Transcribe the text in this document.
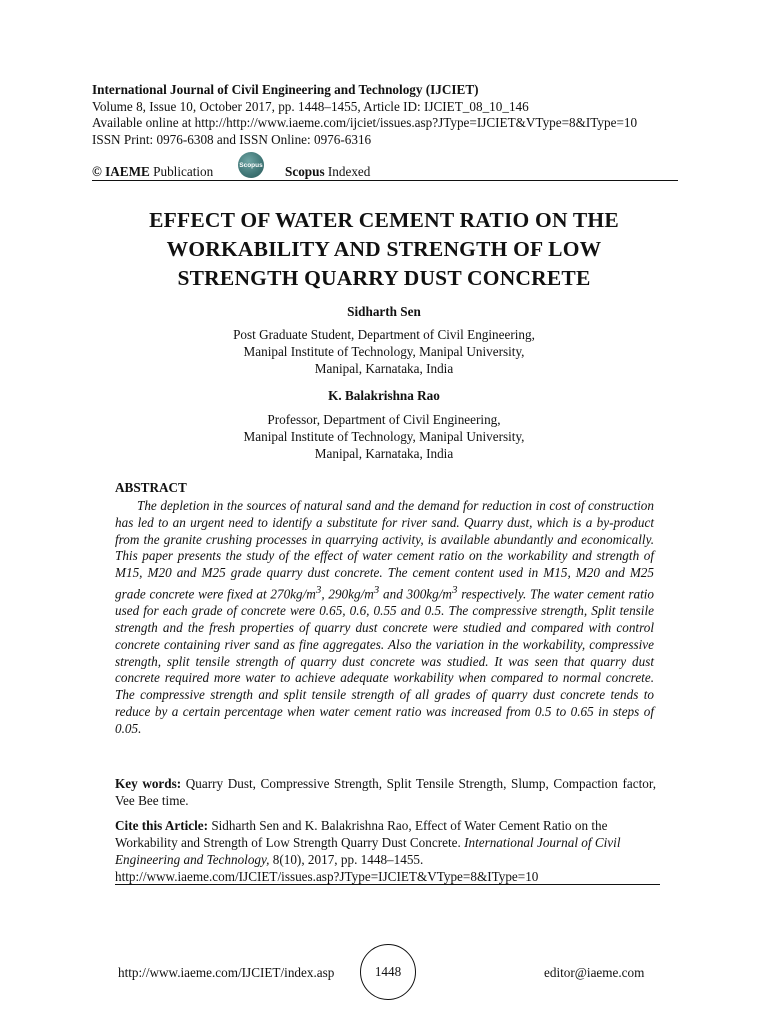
International Journal of Civil Engineering and Technology (IJCIET)
Volume 8, Issue 10, October 2017, pp. 1448–1455, Article ID: IJCIET_08_10_146
Available online at http://http://www.iaeme.com/ijciet/issues.asp?JType=IJCIET&VType=8&IType=10
ISSN Print: 0976-6308 and ISSN Online: 0976-6316
© IAEME Publication	Scopus Scopus Indexed
EFFECT OF WATER CEMENT RATIO ON THE
WORKABILITY AND STRENGTH OF LOW
STRENGTH QUARRY DUST CONCRETE
Sidharth Sen
Post Graduate Student, Department of Civil Engineering,
Manipal Institute of Technology, Manipal University,
Manipal, Karnataka, India
K. Balakrishna Rao
Professor, Department of Civil Engineering,
Manipal Institute of Technology, Manipal University,
Manipal, Karnataka, India
ABSTRACT
The depletion in the sources of natural sand and the demand for reduction in cost of construction has led to an urgent need to identify a substitute for river sand. Quarry dust, which is a by-product from the granite crushing processes in quarrying activity, is available abundantly and economically. This paper presents the study of the effect of water cement ratio on the workability and strength of M15, M20 and M25 grade quarry dust concrete. The cement content used in M15, M20 and M25 grade concrete were fixed at $270kg/m^3$, $290kg/m^3$ and $300kg/m^3$ respectively. The water cement ratio used for each grade of concrete were 0.65, 0.6, 0.55 and 0.5. The compressive strength, Split tensile strength and the fresh properties of quarry dust concrete were studied and compared with control concrete containing river sand as fine aggregates. Also the variation in the workability, compressive strength, split tensile strength of quarry dust concrete was studied. It was seen that quarry dust concrete required more water to achieve adequate workability when compared to normal concrete. The compressive strength and split tensile strength of all grades of quarry dust concrete tends to reduce by a certain percentage when water cement ratio was increased from 0.5 to 0.65 in steps of 0.05.
Key words: Quarry Dust, Compressive Strength, Split Tensile Strength, Slump, Compaction factor, Vee Bee time.
Cite this Article: Sidharth Sen and K. Balakrishna Rao, Effect of Water Cement Ratio on the Workability and Strength of Low Strength Quarry Dust Concrete. International Journal of Civil Engineering and Technology, 8(10), 2017, pp. 1448–1455.
http://www.iaeme.com/IJCIET/issues.asp?JType=IJCIET&VType=8&IType=10
http://www.iaeme.com/IJCIET/index.asp	1448	editor@iaeme.com
